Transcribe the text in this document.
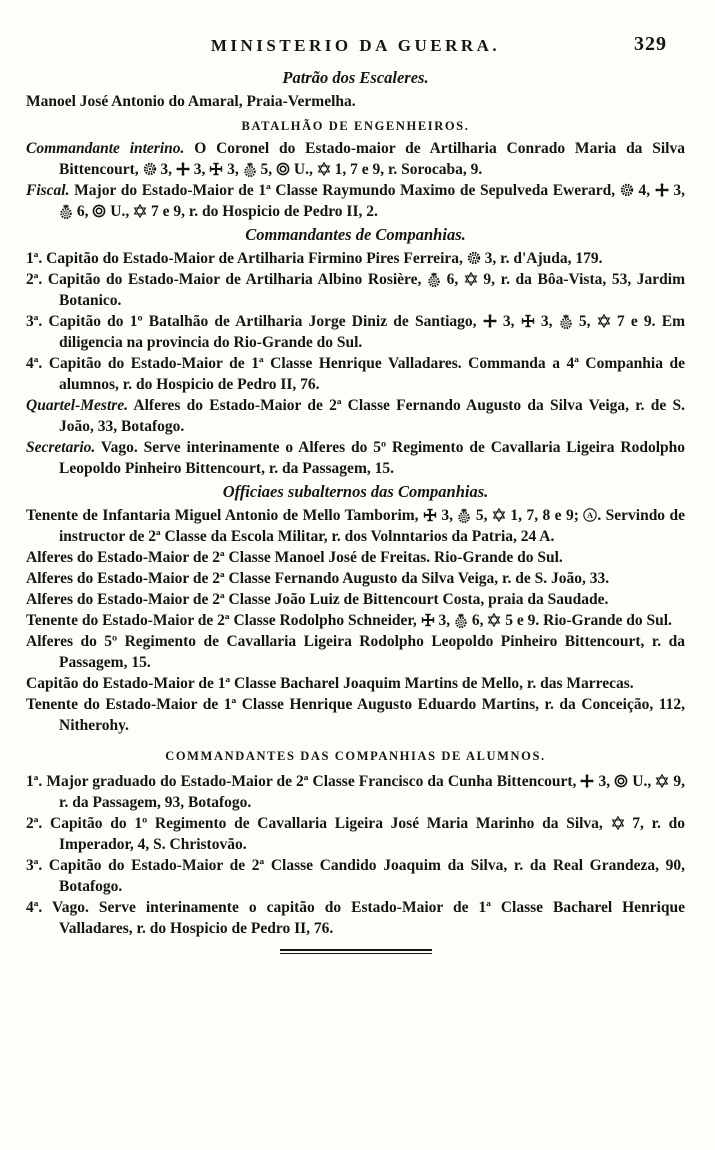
MINISTERIO DA GUERRA.	329
Patrão dos Escaleres.
Manoel José Antonio do Amaral, Praia-Vermelha.
BATALHÃO DE ENGENHEIROS.
Commandante interino. O Coronel do Estado-maior de Artilharia Conrado Maria da Silva Bittencourt,
3,
3,
3,
5,
U.,
1, 7 e 9, r. Sorocaba, 9.
Fiscal. Major do Estado-Maior de 1ª Classe Raymundo Maximo de Sepulveda Ewerard,
4,
3,
6,
U.,
7 e 9, r. do Hospicio de Pedro II, 2.
Commandantes de Companhias.
1ª. Capitão do Estado-Maior de Artilharia Firmino Pires Ferreira,
3, r. d'Ajuda, 179.
2ª. Capitão do Estado-Maior de Artilharia Albino Rosière,
6,
9, r. da Bôa-Vista, 53, Jardim Botanico.
3ª. Capitão do 1º Batalhão de Artilharia Jorge Diniz de Santiago,
3,
3,
5,
7 e 9. Em diligencia na provincia do Rio-Grande do Sul.
4ª. Capitão do Estado-Maior de 1ª Classe Henrique Valladares. Commanda a 4ª Companhia de alumnos, r. do Hospicio de Pedro II, 76.
Quartel-Mestre. Alferes do Estado-Maior de 2ª Classe Fernando Augusto da Silva Veiga, r. de S. João, 33, Botafogo.
Secretario. Vago. Serve interinamente o Alferes do 5º Regimento de Cavallaria Ligeira Rodolpho Leopoldo Pinheiro Bittencourt, r. da Passagem, 15.
Officiaes subalternos das Companhias.
Tenente de Infantaria Miguel Antonio de Mello Tamborim,
3,
5,
1, 7, 8 e 9; A . Servindo de instructor de 2ª Classe da Escola Militar, r. dos Volnntarios da Patria, 24 A.
Alferes do Estado-Maior de 2ª Classe Manoel José de Freitas. Rio-Grande do Sul.
Alferes do Estado-Maior de 2ª Classe Fernando Augusto da Silva Veiga, r. de S. João, 33.
Alferes do Estado-Maior de 2ª Classe João Luiz de Bittencourt Costa, praia da Saudade.
Tenente do Estado-Maior de 2ª Classe Rodolpho Schneider,
3,
6,
5 e 9. Rio-Grande do Sul.
Alferes do 5º Regimento de Cavallaria Ligeira Rodolpho Leopoldo Pinheiro Bittencourt, r. da Passagem, 15.
Capitão do Estado-Maior de 1ª Classe Bacharel Joaquim Martins de Mello, r. das Marrecas.
Tenente do Estado-Maior de 1ª Classe Henrique Augusto Eduardo Martins, r. da Conceição, 112, Nitherohy.
COMMANDANTES DAS COMPANHIAS DE ALUMNOS.
1ª. Major graduado do Estado-Maior de 2ª Classe Francisco da Cunha Bittencourt,
3,
U.,
9, r. da Passagem, 93, Botafogo.
2ª. Capitão do 1º Regimento de Cavallaria Ligeira José Maria Marinho da Silva,
7, r. do Imperador, 4, S. Christovão.
3ª. Capitão do Estado-Maior de 2ª Classe Candido Joaquim da Silva, r. da Real Grandeza, 90, Botafogo.
4ª. Vago. Serve interinamente o capitão do Estado-Maior de 1ª Classe Bacharel Henrique Valladares, r. do Hospicio de Pedro II, 76.
